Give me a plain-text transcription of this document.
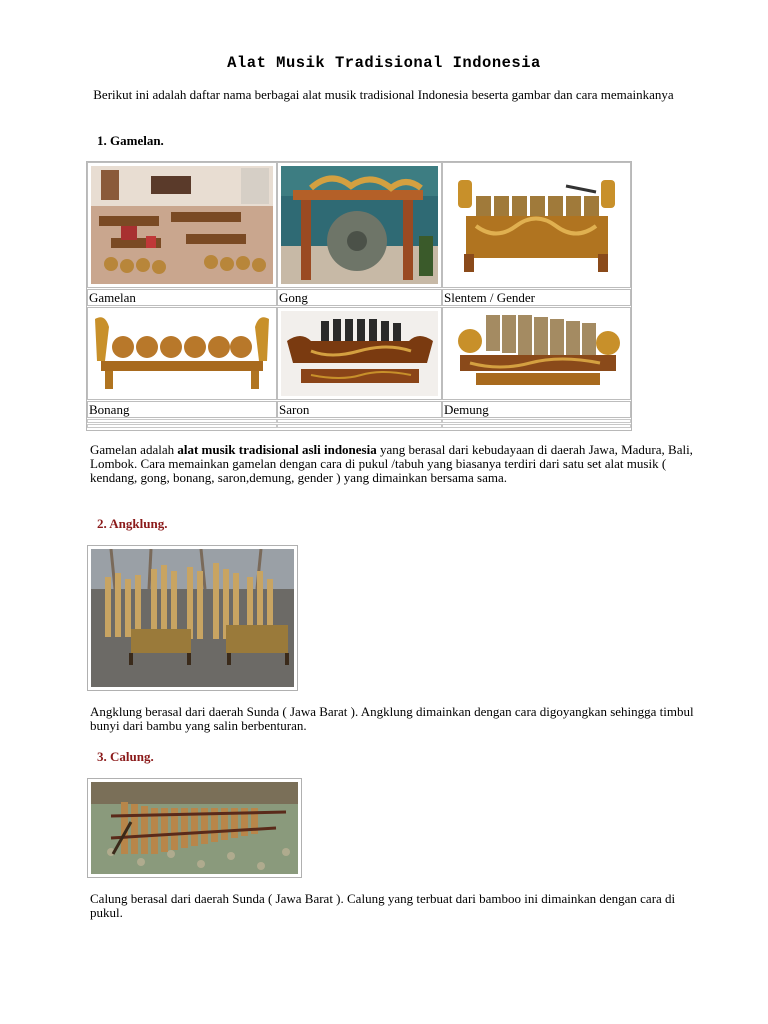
Alat Musik Tradisional Indonesia
Berikut ini adalah daftar nama berbagai alat musik tradisional Indonesia beserta gambar dan cara memainkanya
1. Gamelan.
Gamelan	Gong	Slentem / Gender
Bonang	Saron	Demung
Gamelan adalah alat musik tradisional asli indonesia yang berasal dari kebudayaan di daerah Jawa, Madura, Bali, Lombok. Cara memainkan gamelan dengan cara di pukul /tabuh yang biasanya terdiri dari satu set alat musik ( kendang, gong, bonang, saron,demung, gender ) yang dimainkan bersama sama.
2. Angklung.
Angklung berasal dari daerah Sunda ( Jawa Barat ). Angklung dimainkan dengan cara digoyangkan sehingga timbul bunyi dari bambu yang salin berbenturan.
3. Calung.
Calung berasal dari daerah Sunda ( Jawa Barat ). Calung yang terbuat dari bamboo ini dimainkan dengan cara di pukul.
